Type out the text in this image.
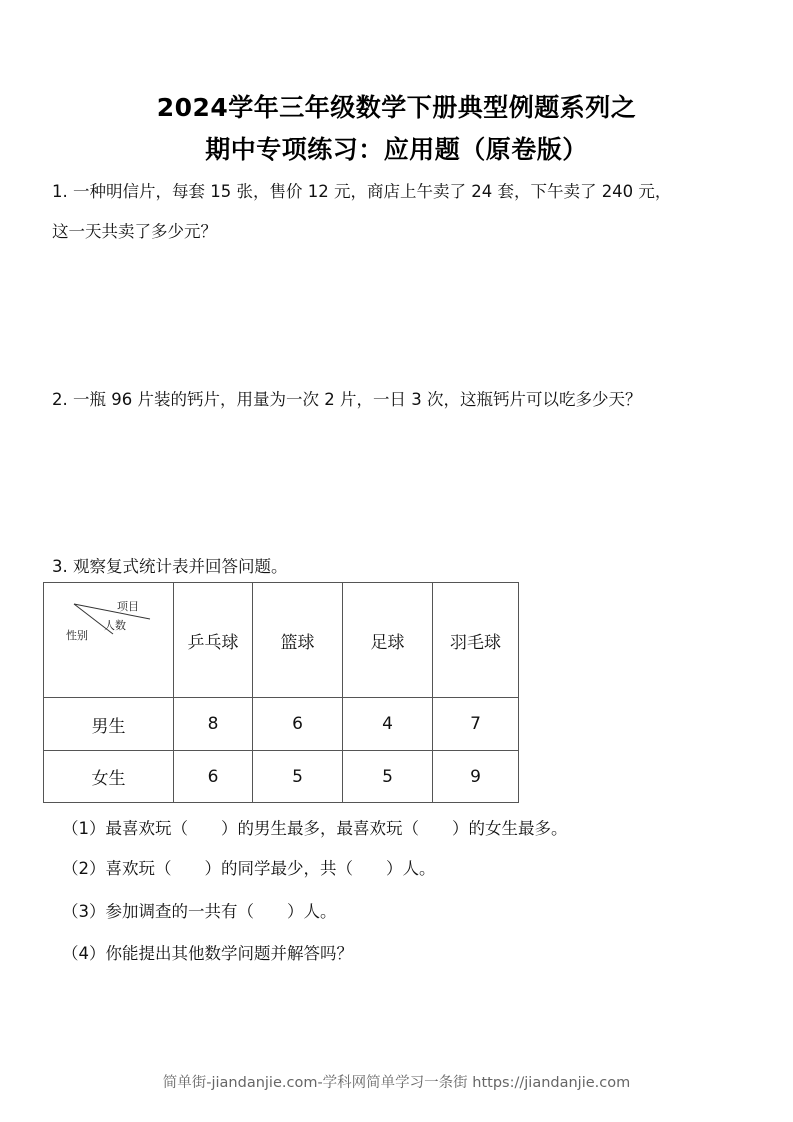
2024学年三年级数学下册典型例题系列之
期中专项练习：应用题（原卷版）
1. 一种明信片，每套 15 张，售价 12 元，商店上午卖了 24 套，下午卖了 240 元，
这一天共卖了多少元？
2. 一瓶 96 片装的钙片，用量为一次 2 片，一日 3 次，这瓶钙片可以吃多少天？
3. 观察复式统计表并回答问题。
项目
人数
性别	乒乓球	篮球	足球	羽毛球
男生	8	6	4	7
女生	6	5	5	9
（1）最喜欢玩（　　）的男生最多，最喜欢玩（　　）的女生最多。
（2）喜欢玩（　　）的同学最少，共（　　）人。
（3）参加调查的一共有（　　）人。
（4）你能提出其他数学问题并解答吗？
简单街-jiandanjie.com-学科网简单学习一条街 https://jiandanjie.com
